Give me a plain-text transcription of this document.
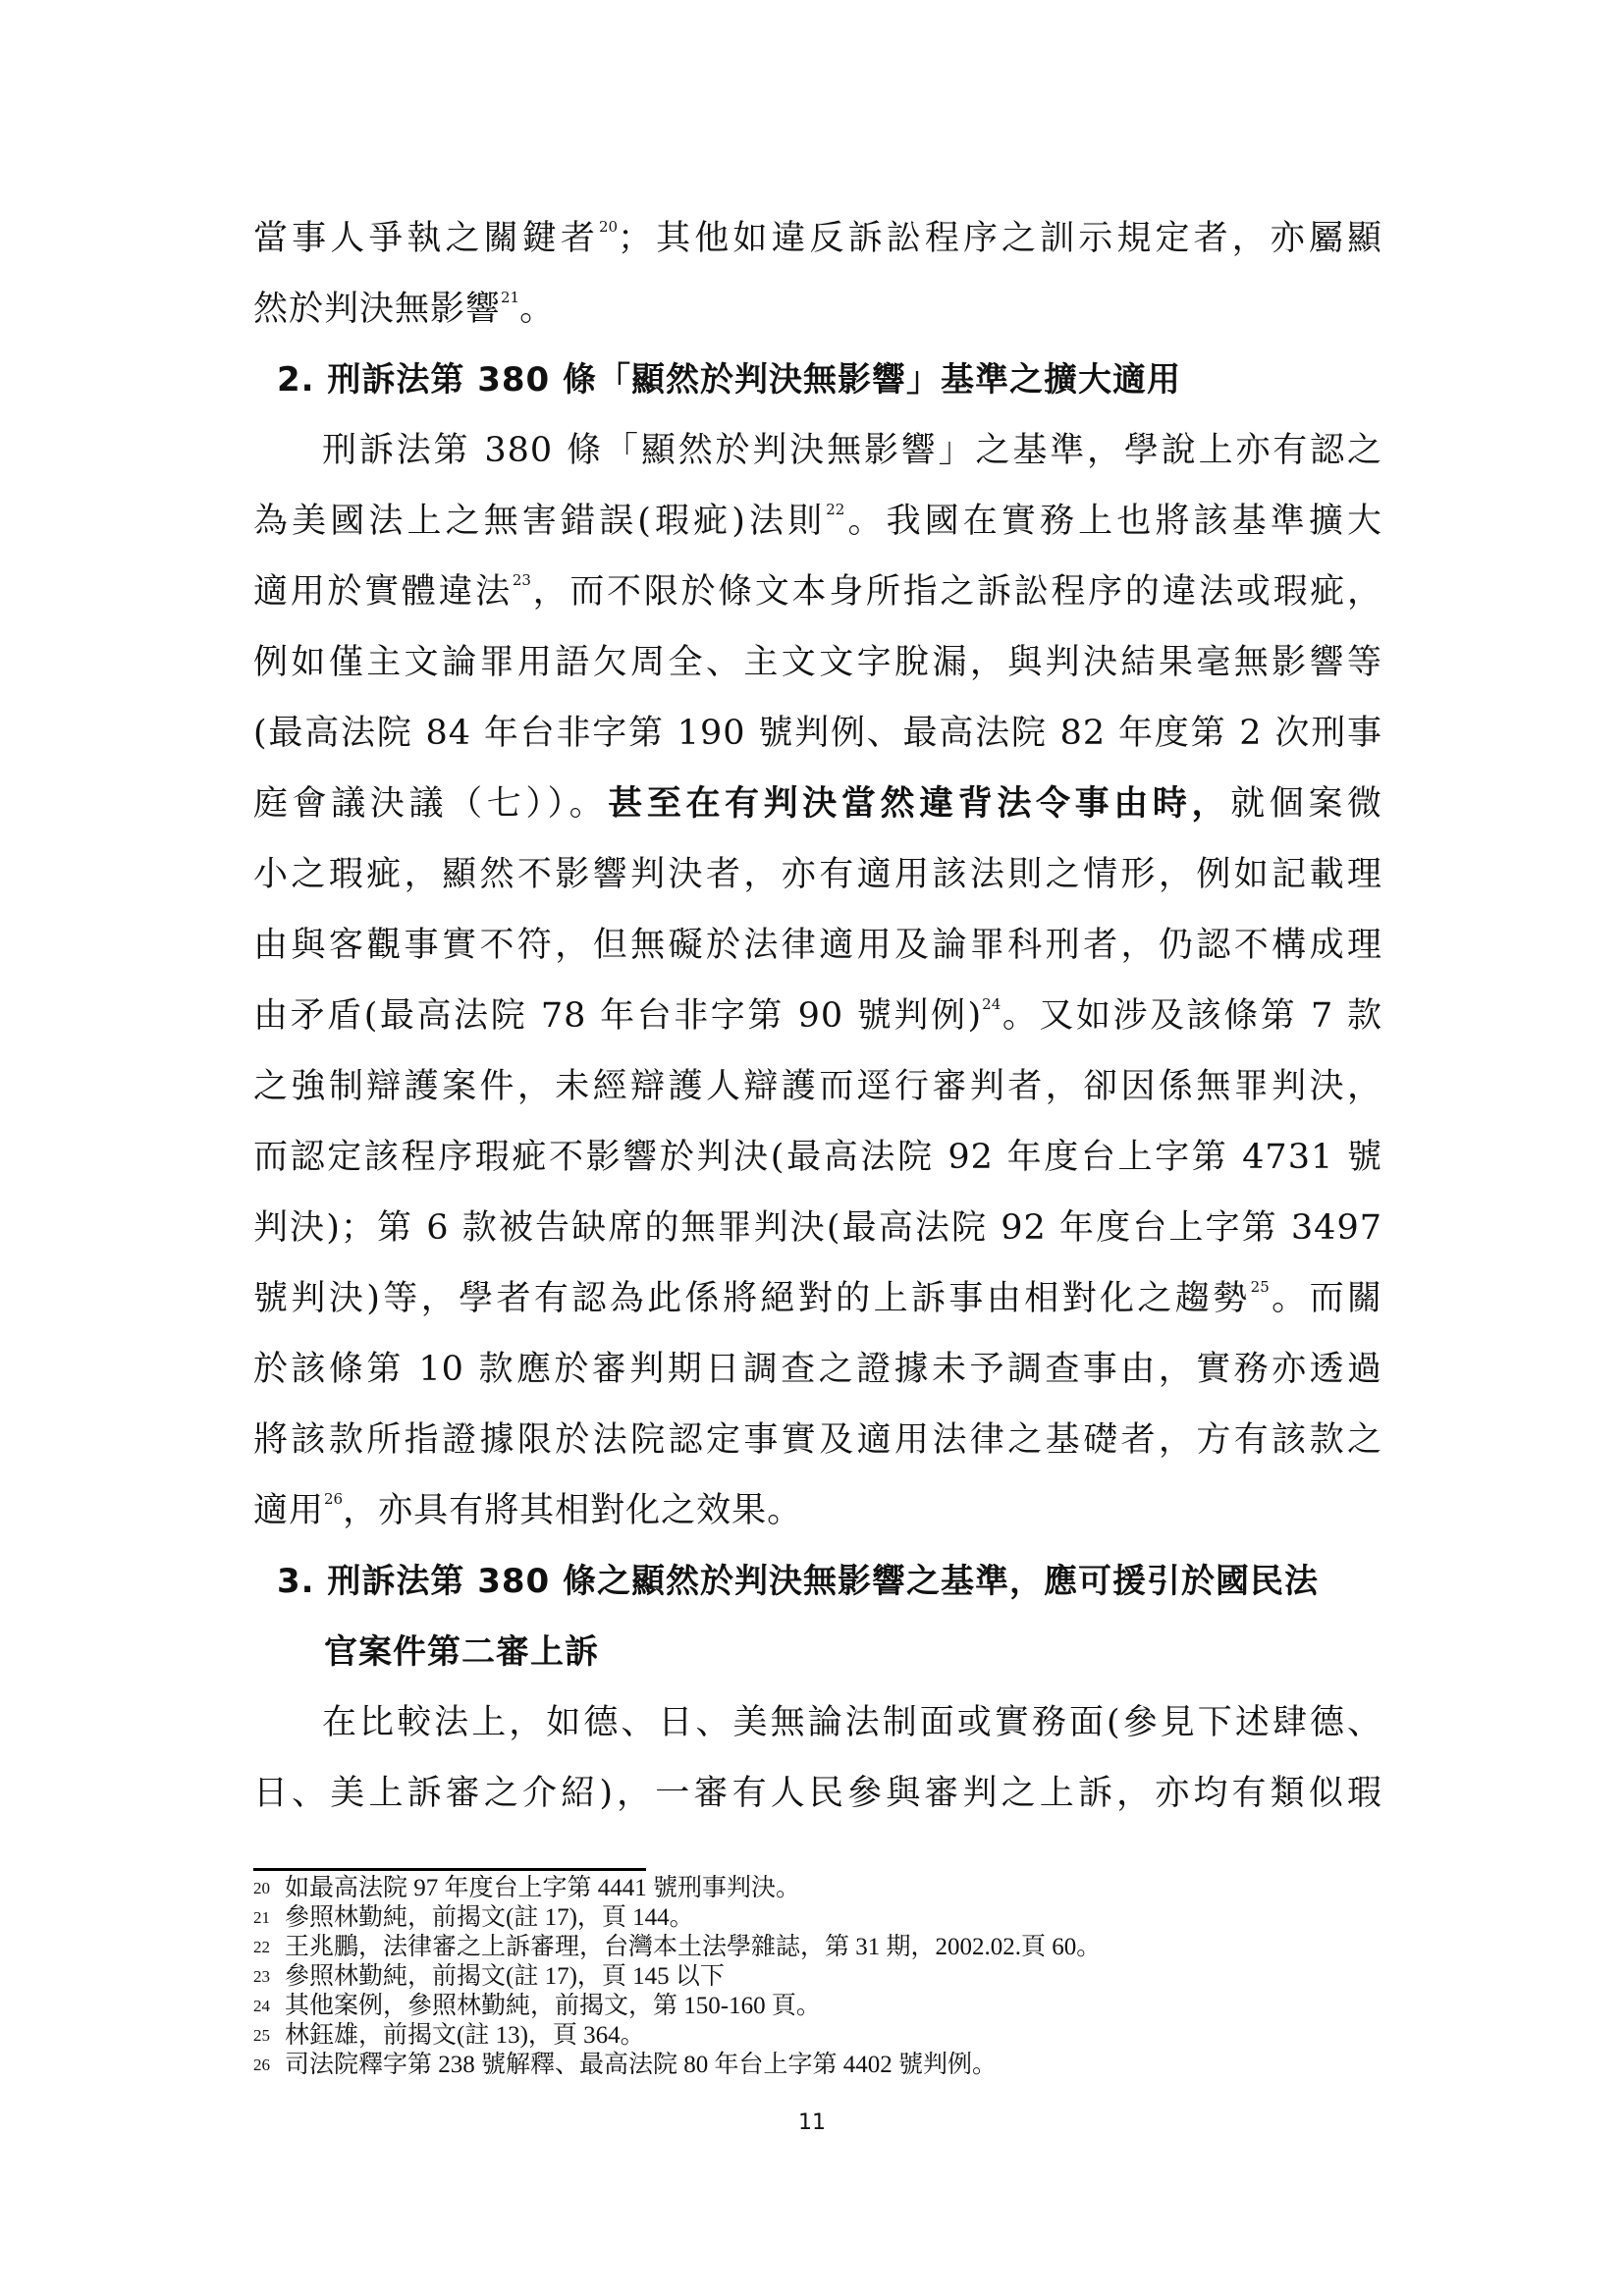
當事人爭執之關鍵者$^{20}$；其他如違反訴訟程序之訓示規定者，亦屬顯
然於判決無影響$^{21}$。
2. 刑訴法第 380 條「顯然於判決無影響」基準之擴大適用
刑訴法第 380 條「顯然於判決無影響」之基準，學說上亦有認之
為美國法上之無害錯誤(瑕疵)法則$^{22}$。我國在實務上也將該基準擴大
適用於實體違法$^{23}$，而不限於條文本身所指之訴訟程序的違法或瑕疵，
例如僅主文論罪用語欠周全、主文文字脫漏，與判決結果毫無影響等
(最高法院 84 年台非字第 190 號判例、最高法院 82 年度第 2 次刑事
庭會議決議（七））。甚至在有判決當然違背法令事由時，就個案微
小之瑕疵，顯然不影響判決者，亦有適用該法則之情形，例如記載理
由與客觀事實不符，但無礙於法律適用及論罪科刑者，仍認不構成理
由矛盾(最高法院 78 年台非字第 90 號判例)$^{24}$。又如涉及該條第 7 款
之強制辯護案件，未經辯護人辯護而逕行審判者，卻因係無罪判決，
而認定該程序瑕疵不影響於判決(最高法院 92 年度台上字第 4731 號
判決)；第 6 款被告缺席的無罪判決(最高法院 92 年度台上字第 3497
號判決)等，學者有認為此係將絕對的上訴事由相對化之趨勢$^{25}$。而關
於該條第 10 款應於審判期日調查之證據未予調查事由，實務亦透過
將該款所指證據限於法院認定事實及適用法律之基礎者，方有該款之
適用$^{26}$，亦具有將其相對化之效果。
3. 刑訴法第 380 條之顯然於判決無影響之基準，應可援引於國民法
官案件第二審上訴
在比較法上，如德、日、美無論法制面或實務面(參見下述肆德、
日、美上訴審之介紹)，一審有人民參與審判之上訴，亦均有類似瑕
20 如最高法院 97 年度台上字第 4441 號刑事判決。
21 參照林勤純，前揭文(註 17)，頁 144。
22 王兆鵬，法律審之上訴審理，台灣本土法學雜誌，第 31 期，2002.02.頁 60。
23 參照林勤純，前揭文(註 17)，頁 145 以下
24 其他案例，參照林勤純，前揭文，第 150-160 頁。
25 林鈺雄，前揭文(註 13)，頁 364。
26 司法院釋字第 238 號解釋、最高法院 80 年台上字第 4402 號判例。
11
